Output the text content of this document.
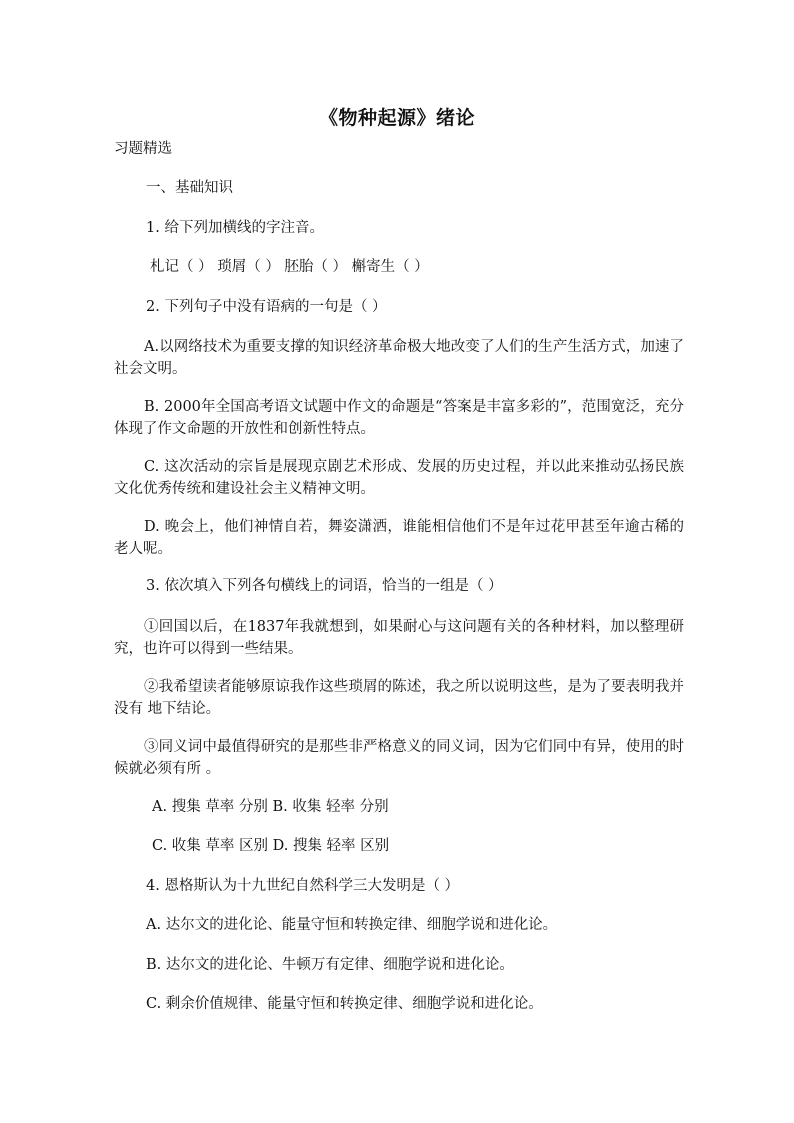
《物种起源》绪论
习题精选
一、基础知识
1. 给下列加横线的字注音。
札记（ ） 琐屑（ ） 胚胎（ ） 槲寄生（ ）
2. 下列句子中没有语病的一句是（ ）
A.以网络技术为重要支撑的知识经济革命极大地改变了人们的生产生活方式，加速了社会文明。
B. 2000年全国高考语文试题中作文的命题是“答案是丰富多彩的”，范围宽泛，充分体现了作文命题的开放性和创新性特点。
C. 这次活动的宗旨是展现京剧艺术形成、发展的历史过程，并以此来推动弘扬民族文化优秀传统和建设社会主义精神文明。
D. 晚会上，他们神情自若，舞姿潇洒，谁能相信他们不是年过花甲甚至年逾古稀的老人呢。
3. 依次填入下列各句横线上的词语，恰当的一组是（ ）
①回国以后，在1837年我就想到，如果耐心与这问题有关的各种材料，加以整理研究，也许可以得到一些结果。
②我希望读者能够原谅我作这些琐屑的陈述，我之所以说明这些，是为了要表明我并没有 地下结论。
③同义词中最值得研究的是那些非严格意义的同义词，因为它们同中有异，使用的时候就必须有所 。
A. 搜集 草率 分别 B. 收集 轻率 分别
C. 收集 草率 区别 D. 搜集 轻率 区别
4. 恩格斯认为十九世纪自然科学三大发明是（ ）
A. 达尔文的进化论、能量守恒和转换定律、细胞学说和进化论。
B. 达尔文的进化论、牛顿万有定律、细胞学说和进化论。
C. 剩余价值规律、能量守恒和转换定律、细胞学说和进化论。
